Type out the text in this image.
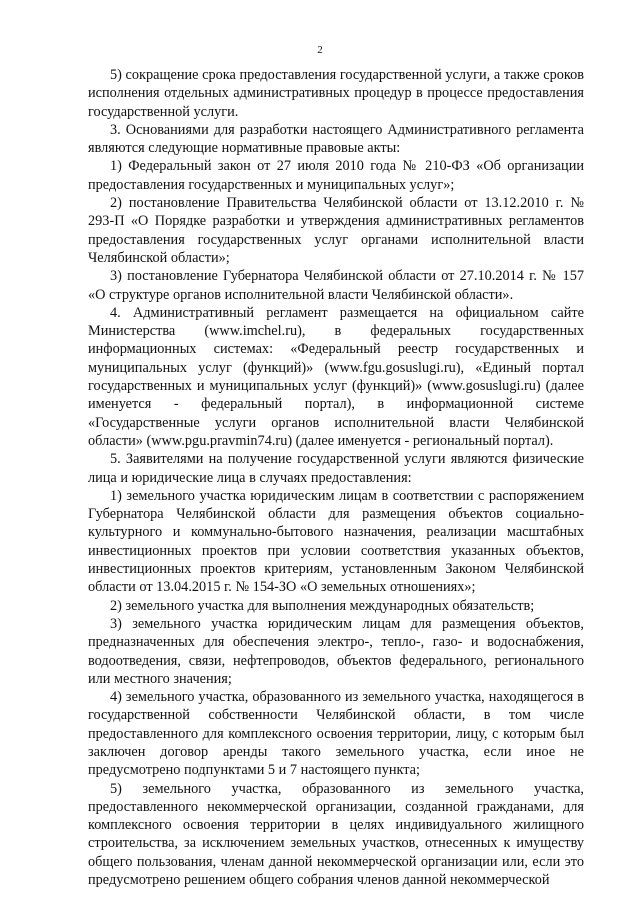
2

5) сокращение срока предоставления государственной услуги, а также сроков исполнения отдельных административных процедур в процессе предоставления государственной услуги.

3. Основаниями для разработки настоящего Административного регламента являются следующие нормативные правовые акты:

1) Федеральный закон от 27 июля 2010 года № 210-ФЗ «Об организации предоставления государственных и муниципальных услуг»;

2) постановление Правительства Челябинской области от 13.12.2010 г. № 293-П «О Порядке разработки и утверждения административных регламентов предоставления государственных услуг органами исполнительной власти Челябинской области»;

3) постановление Губернатора Челябинской области от 27.10.2014 г. № 157 «О структуре органов исполнительной власти Челябинской области».

4. Административный регламент размещается на официальном сайте Министерства (www.imchel.ru), в федеральных государственных информационных системах: «Федеральный реестр государственных и муниципальных услуг (функций)» (www.fgu.gosuslugi.ru), «Единый портал государственных и муниципальных услуг (функций)» (www.gosuslugi.ru) (далее именуется - федеральный портал), в информационной системе «Государственные услуги органов исполнительной власти Челябинской области» (www.pgu.pravmin74.ru) (далее именуется - региональный портал).

5. Заявителями на получение государственной услуги являются физические лица и юридические лица в случаях предоставления:

1) земельного участка юридическим лицам в соответствии с распоряжением Губернатора Челябинской области для размещения объектов социально-культурного и коммунально-бытового назначения, реализации масштабных инвестиционных проектов при условии соответствия указанных объектов, инвестиционных проектов критериям, установленным Законом Челябинской области от 13.04.2015 г. № 154-ЗО «О земельных отношениях»;

2) земельного участка для выполнения международных обязательств;

3) земельного участка юридическим лицам для размещения объектов, предназначенных для обеспечения электро-, тепло-, газо- и водоснабжения, водоотведения, связи, нефтепроводов, объектов федерального, регионального или местного значения;

4) земельного участка, образованного из земельного участка, находящегося в государственной собственности Челябинской области, в том числе предоставленного для комплексного освоения территории, лицу, с которым был заключен договор аренды такого земельного участка, если иное не предусмотрено подпунктами 5 и 7 настоящего пункта;

5) земельного участка, образованного из земельного участка, предоставленного некоммерческой организации, созданной гражданами, для комплексного освоения территории в целях индивидуального жилищного строительства, за исключением земельных участков, отнесенных к имуществу общего пользования, членам данной некоммерческой организации или, если это предусмотрено решением общего собрания членов данной некоммерческой
